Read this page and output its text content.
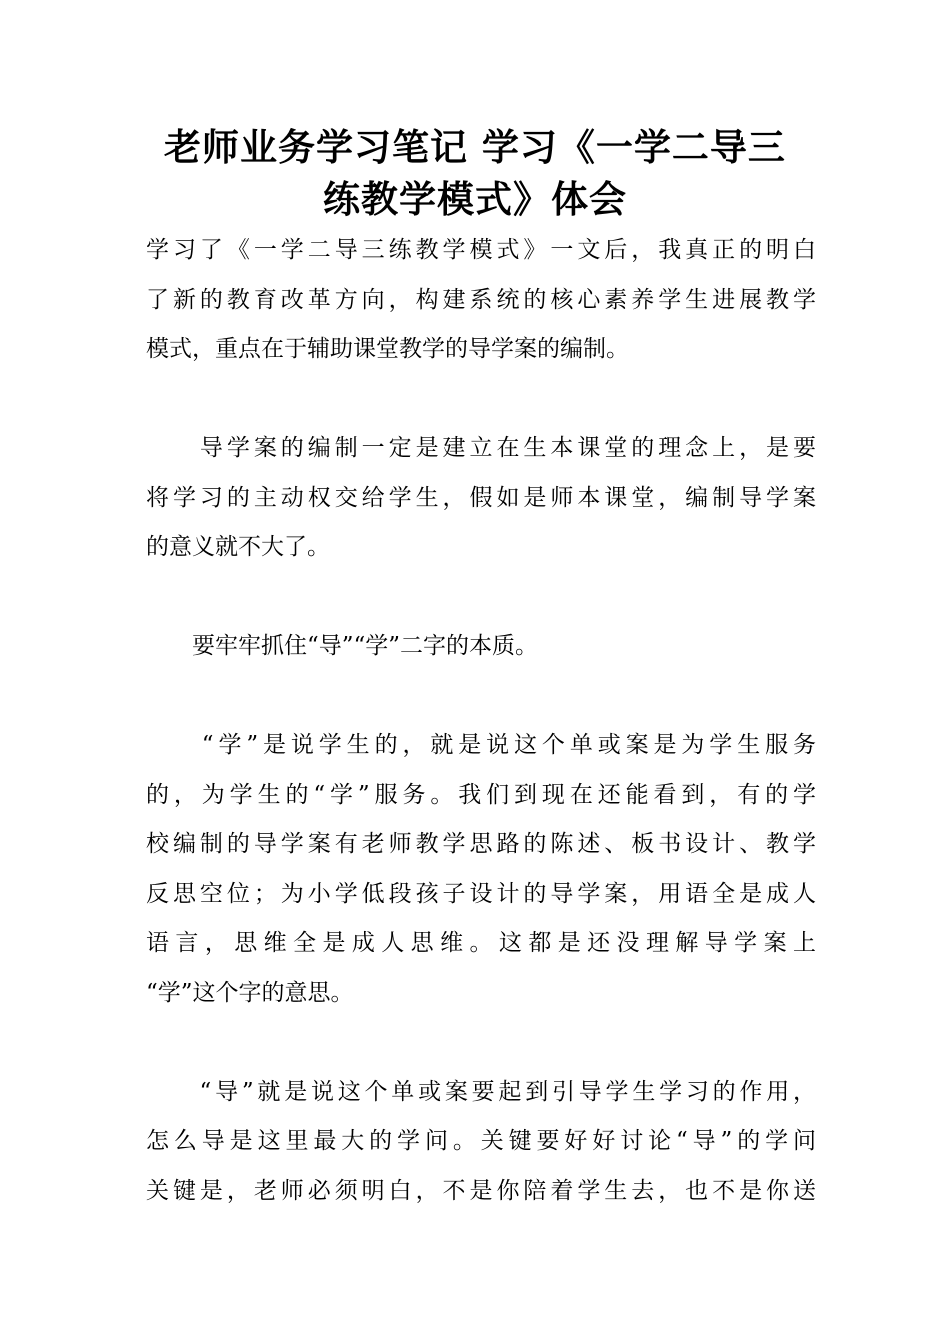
老师业务学习笔记 学习《一学二导三
练教学模式》体会

学习了《一学二导三练教学模式》一文后，我真正的明白
了新的教育改革方向，构建系统的核心素养学生进展教学
模式，重点在于辅助课堂教学的导学案的编制。

　　导学案的编制一定是建立在生本课堂的理念上，是要
将学习的主动权交给学生，假如是师本课堂，编制导学案
的意义就不大了。

　　要牢牢抓住“导”“学”二字的本质。

　　“学”是说学生的，就是说这个单或案是为学生服务
的，为学生的“学”服务。我们到现在还能看到，有的学
校编制的导学案有老师教学思路的陈述、板书设计、教学
反思空位；为小学低段孩子设计的导学案，用语全是成人
语言，思维全是成人思维。这都是还没理解导学案上
“学”这个字的意思。

　　“导”就是说这个单或案要起到引导学生学习的作用，
怎么导是这里最大的学问。关键要好好讨论“导”的学问
关键是，老师必须明白，不是你陪着学生去，也不是你送
